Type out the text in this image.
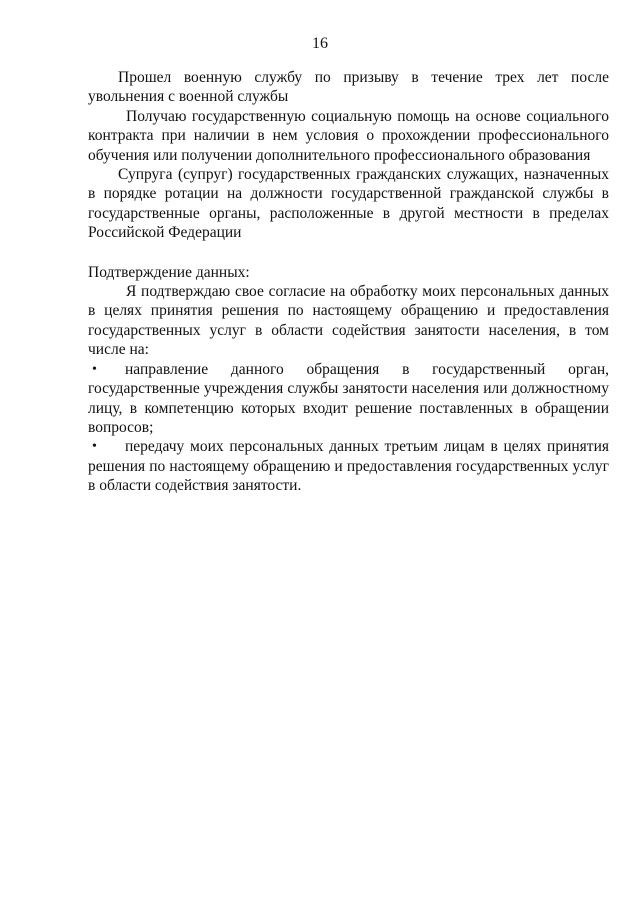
16

Прошел военную службу по призыву в течение трех лет после увольнения с военной службы

Получаю государственную социальную помощь на основе социального контракта при наличии в нем условия о прохождении профессионального обучения или получении дополнительного профессионального образования

Супруга (супруг) государственных гражданских служащих, назначенных в порядке ротации на должности государственной гражданской службы в государственные органы, расположенные в другой местности в пределах Российской Федерации

Подтверждение данных:

Я подтверждаю свое согласие на обработку моих персональных данных в целях принятия решения по настоящему обращению и предоставления государственных услуг в области содействия занятости населения, в том числе на:

• направление данного обращения в государственный орган, государственные учреждения службы занятости населения или должностному лицу, в компетенцию которых входит решение поставленных в обращении вопросов;

• передачу моих персональных данных третьим лицам в целях принятия решения по настоящему обращению и предоставления государственных услуг в области содействия занятости.
